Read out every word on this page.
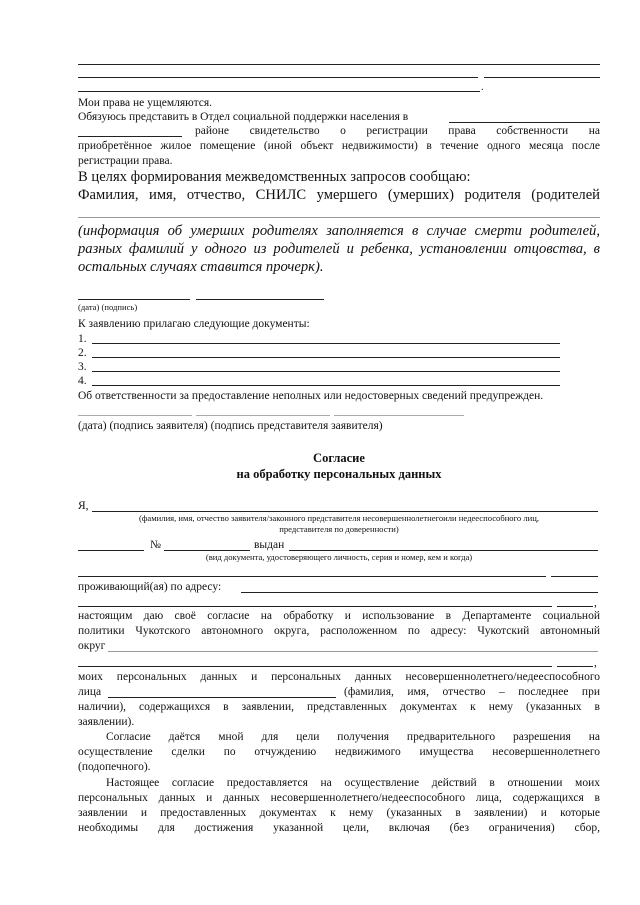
.
Мои права не ущемляются.
Обязуюсь представить в Отдел социальной поддержки населения в
районе свидетельство о регистрации права собственности на
приобретённое жилое помещение (иной объект недвижимости) в течение одного месяца после
регистрации права.
В целях формирования межведомственных запросов сообщаю:
Фамилия, имя, отчество, СНИЛС умершего (умерших) родителя (родителей
(информация об умерших родителях заполняется в случае смерти родителей,
разных фамилий у одного из родителей и ребенка, установлении отцовства, в
остальных случаях ставится прочерк).
(дата) (подпись)
К заявлению прилагаю следующие документы:
1.
2.
3.
4.
Об ответственности за предоставление неполных или недостоверных сведений предупрежден.
(дата) (подпись заявителя) (подпись представителя заявителя)
Согласие
на обработку персональных данных
Я,
(фамилия, имя, отчество заявителя/законного представителя несовершеннолетнегоили недееспособного лиц,
представителя по доверенности)
№	выдан
(вид документа, удостоверяющего личность, серия и номер, кем и когда)
проживающий(ая) по адресу:
,
настоящим даю своё согласие на обработку и использование в Департаменте социальной
политики Чукотского автономного округа, расположенном по адресу: Чукотский автономный
округ
,
моих персональных данных и персональных данных несовершеннолетнего/недееспособного
лица	(фамилия, имя, отчество – последнее при
наличии), содержащихся в заявлении, представленных документах к нему (указанных в
заявлении).
Согласие даётся мной для цели получения предварительного разрешения на
осуществление сделки по отчуждению недвижимого имущества несовершеннолетнего
(подопечного).
Настоящее согласие предоставляется на осуществление действий в отношении моих
персональных данных и данных несовершеннолетнего/недееспособного лица, содержащихся в
заявлении и предоставленных документах к нему (указанных в заявлении) и которые
необходимы для достижения указанной цели, включая (без ограничения) сбор,
